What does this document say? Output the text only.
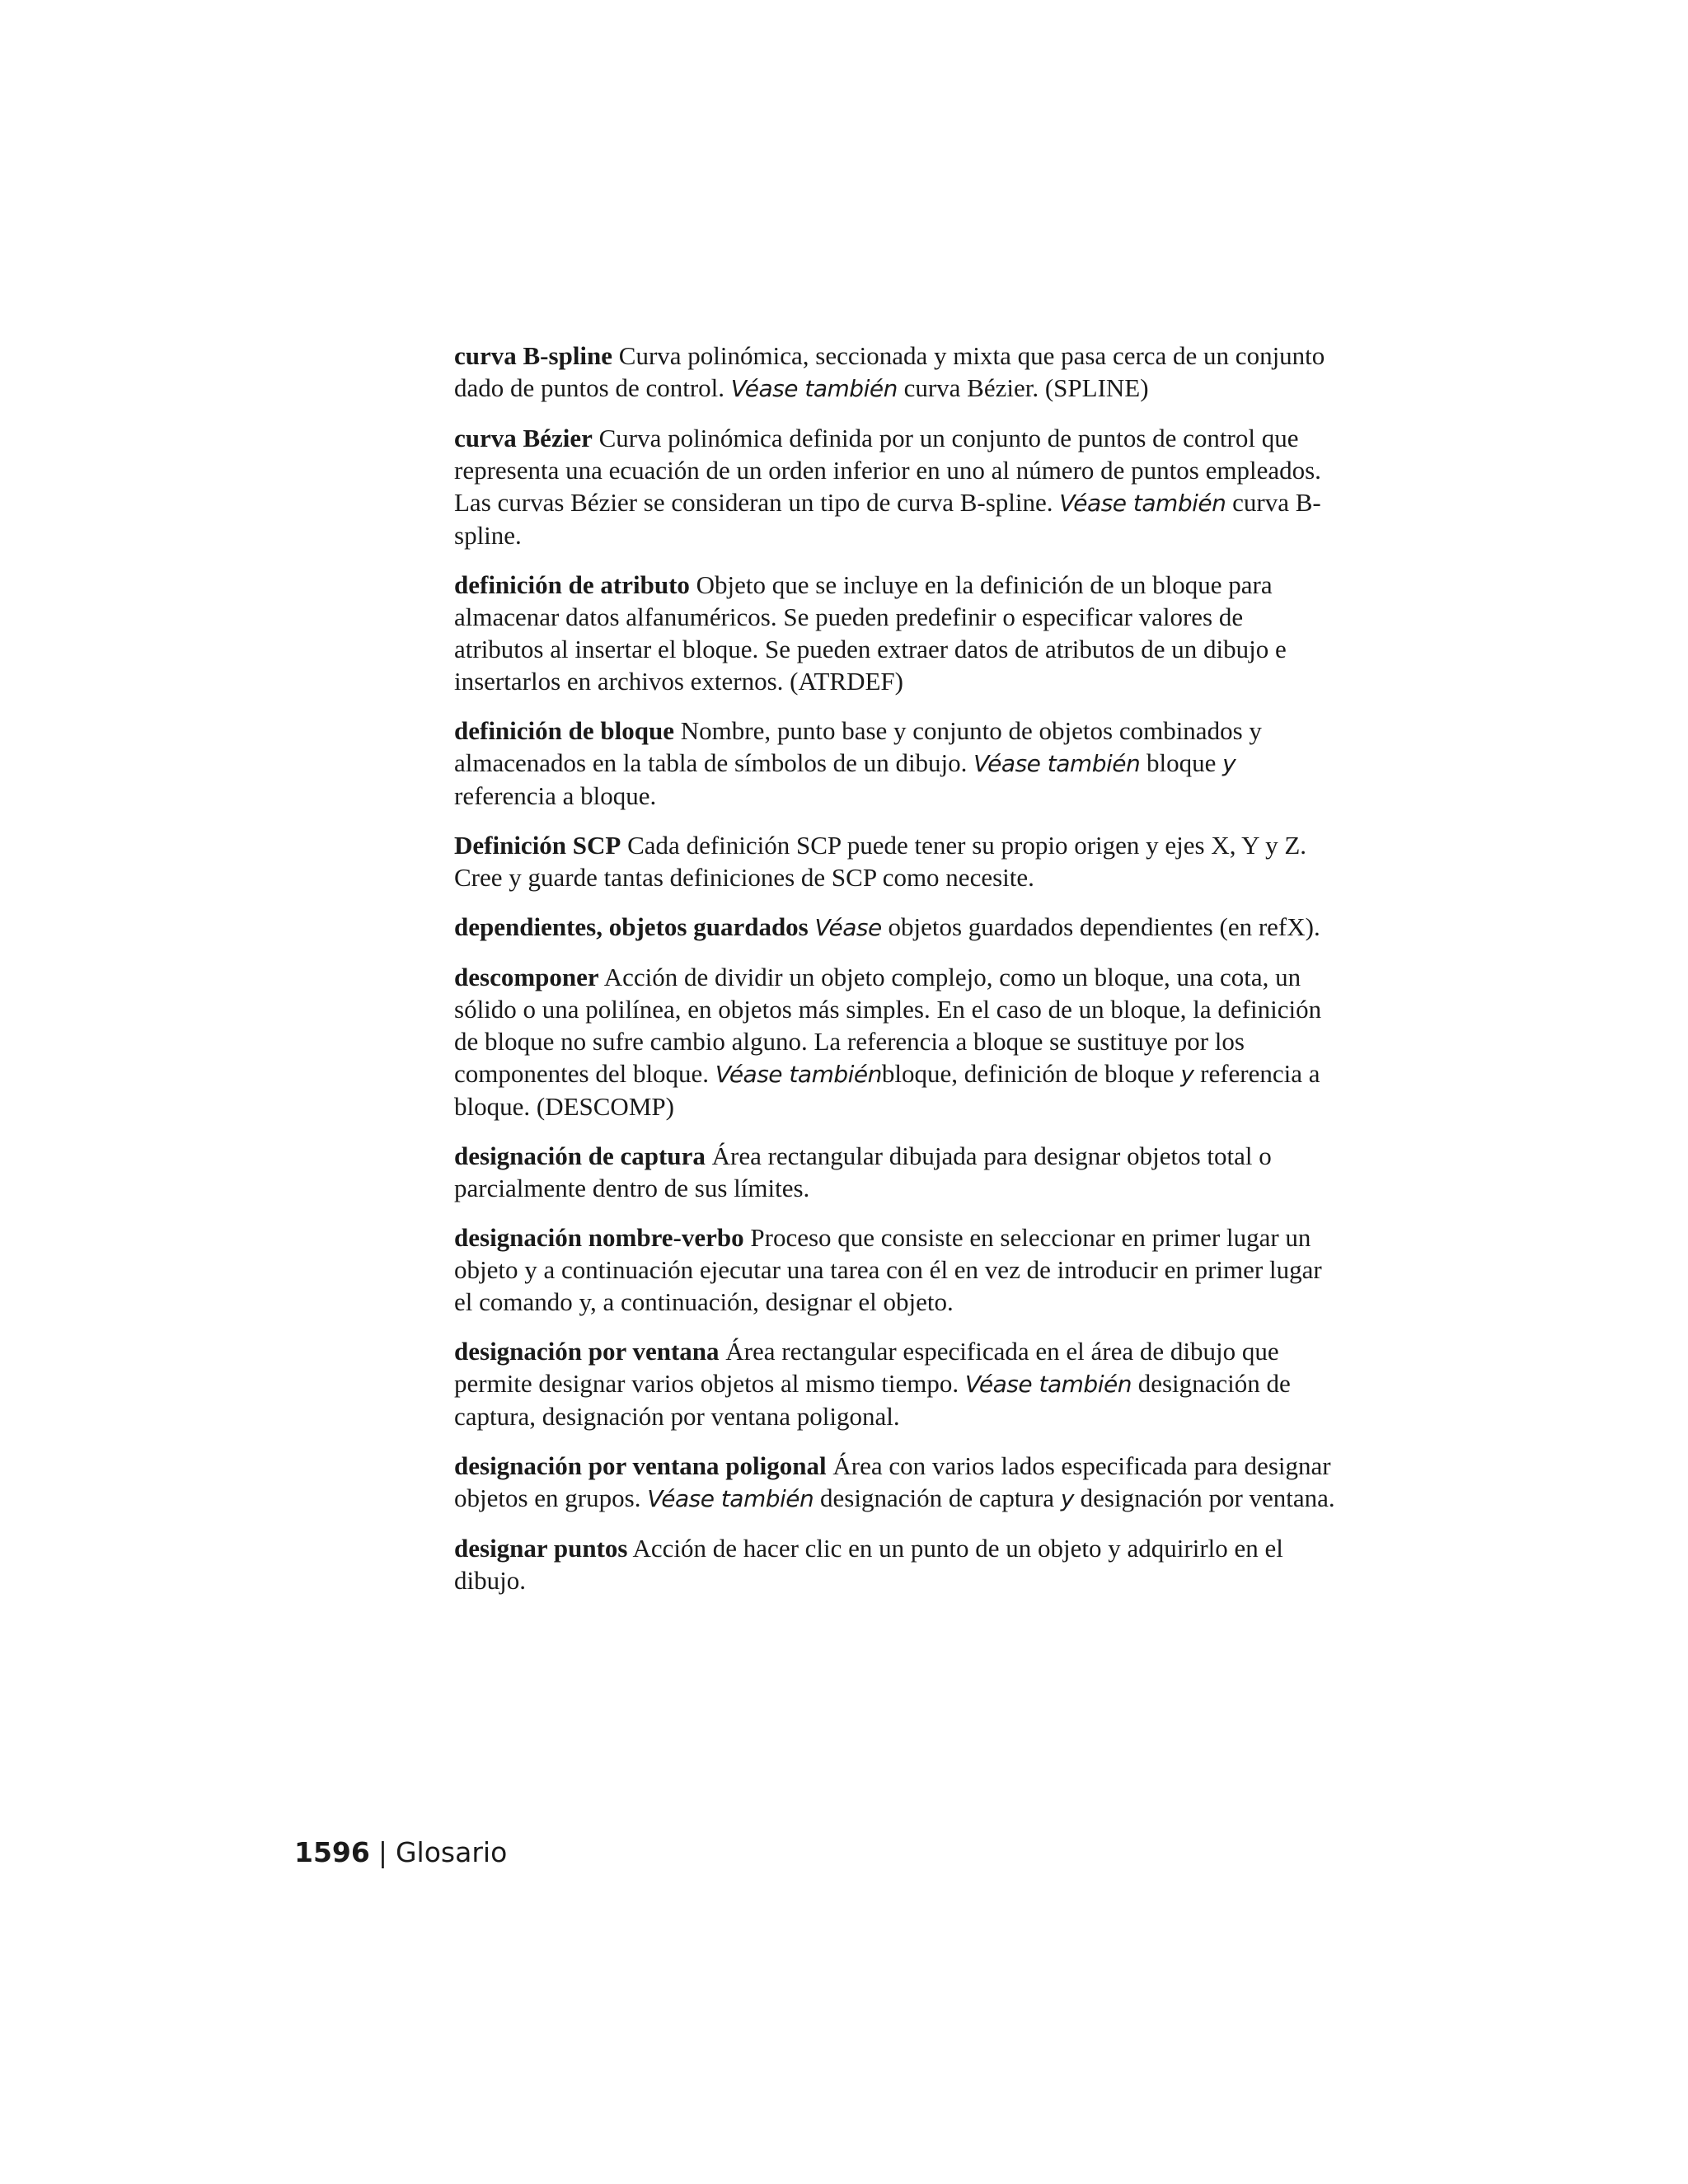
curva B-spline Curva polinómica, seccionada y mixta que pasa cerca de un conjunto dado de puntos de control. Véase también curva Bézier. (SPLINE)

curva Bézier Curva polinómica definida por un conjunto de puntos de control que representa una ecuación de un orden inferior en uno al número de puntos empleados. Las curvas Bézier se consideran un tipo de curva B-spline. Véase también curva B-spline.

definición de atributo Objeto que se incluye en la definición de un bloque para almacenar datos alfanuméricos. Se pueden predefinir o especificar valores de atributos al insertar el bloque. Se pueden extraer datos de atributos de un dibujo e insertarlos en archivos externos. (ATRDEF)

definición de bloque Nombre, punto base y conjunto de objetos combinados y almacenados en la tabla de símbolos de un dibujo. Véase también bloque y referencia a bloque.

Definición SCP Cada definición SCP puede tener su propio origen y ejes X, Y y Z. Cree y guarde tantas definiciones de SCP como necesite.

dependientes, objetos guardados Véase objetos guardados dependientes (en refX).

descomponer Acción de dividir un objeto complejo, como un bloque, una cota, un sólido o una polilínea, en objetos más simples. En el caso de un bloque, la definición de bloque no sufre cambio alguno. La referencia a bloque se sustituye por los componentes del bloque. Véase tambiénbloque, definición de bloque y referencia a bloque. (DESCOMP)

designación de captura Área rectangular dibujada para designar objetos total o parcialmente dentro de sus límites.

designación nombre-verbo Proceso que consiste en seleccionar en primer lugar un objeto y a continuación ejecutar una tarea con él en vez de introducir en primer lugar el comando y, a continuación, designar el objeto.

designación por ventana Área rectangular especificada en el área de dibujo que permite designar varios objetos al mismo tiempo. Véase también designación de captura, designación por ventana poligonal.

designación por ventana poligonal Área con varios lados especificada para designar objetos en grupos. Véase también designación de captura y designación por ventana.

designar puntos Acción de hacer clic en un punto de un objeto y adquirirlo en el dibujo.

1596 | Glosario
